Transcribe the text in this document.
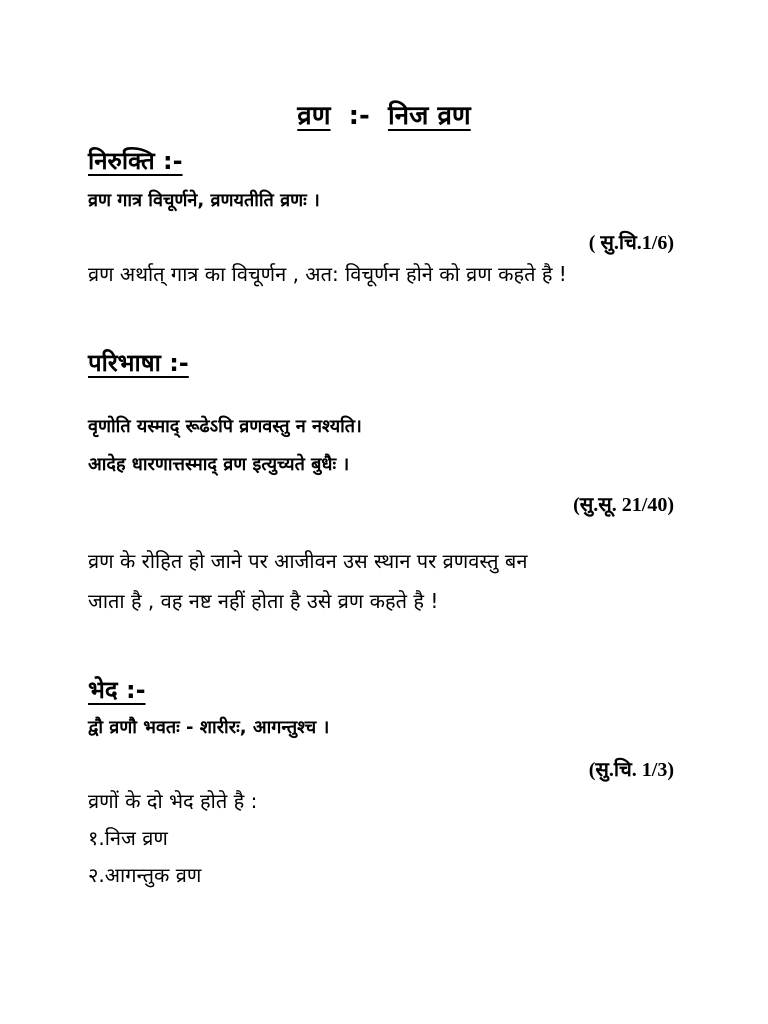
व्रण :- निज व्रण
निरुक्ति :-
व्रण गात्र विचूर्णने, व्रणयतीति व्रणः ।
( सु.चि.1/6)
व्रण अर्थात् गात्र का विचूर्णन , अत: विचूर्णन होने को व्रण कहते है !
परिभाषा :-
वृणोति यस्माद् रूढेऽपि व्रणवस्तु न नश्यति।
आदेह धारणात्तस्माद् व्रण इत्युच्यते बुधैः ।
(सु.सू. 21/40)
व्रण के रोहित हो जाने पर आजीवन उस स्थान पर व्रणवस्तु बन
जाता है , वह नष्ट नहीं होता है उसे व्रण कहते है !
भेद :-
द्वौ व्रणौ भवतः - शारीरः, आगन्तुश्च ।
(सु.चि. 1/3)
व्रणों के दो भेद होते है :
१.निज व्रण
२.आगन्तुक व्रण
